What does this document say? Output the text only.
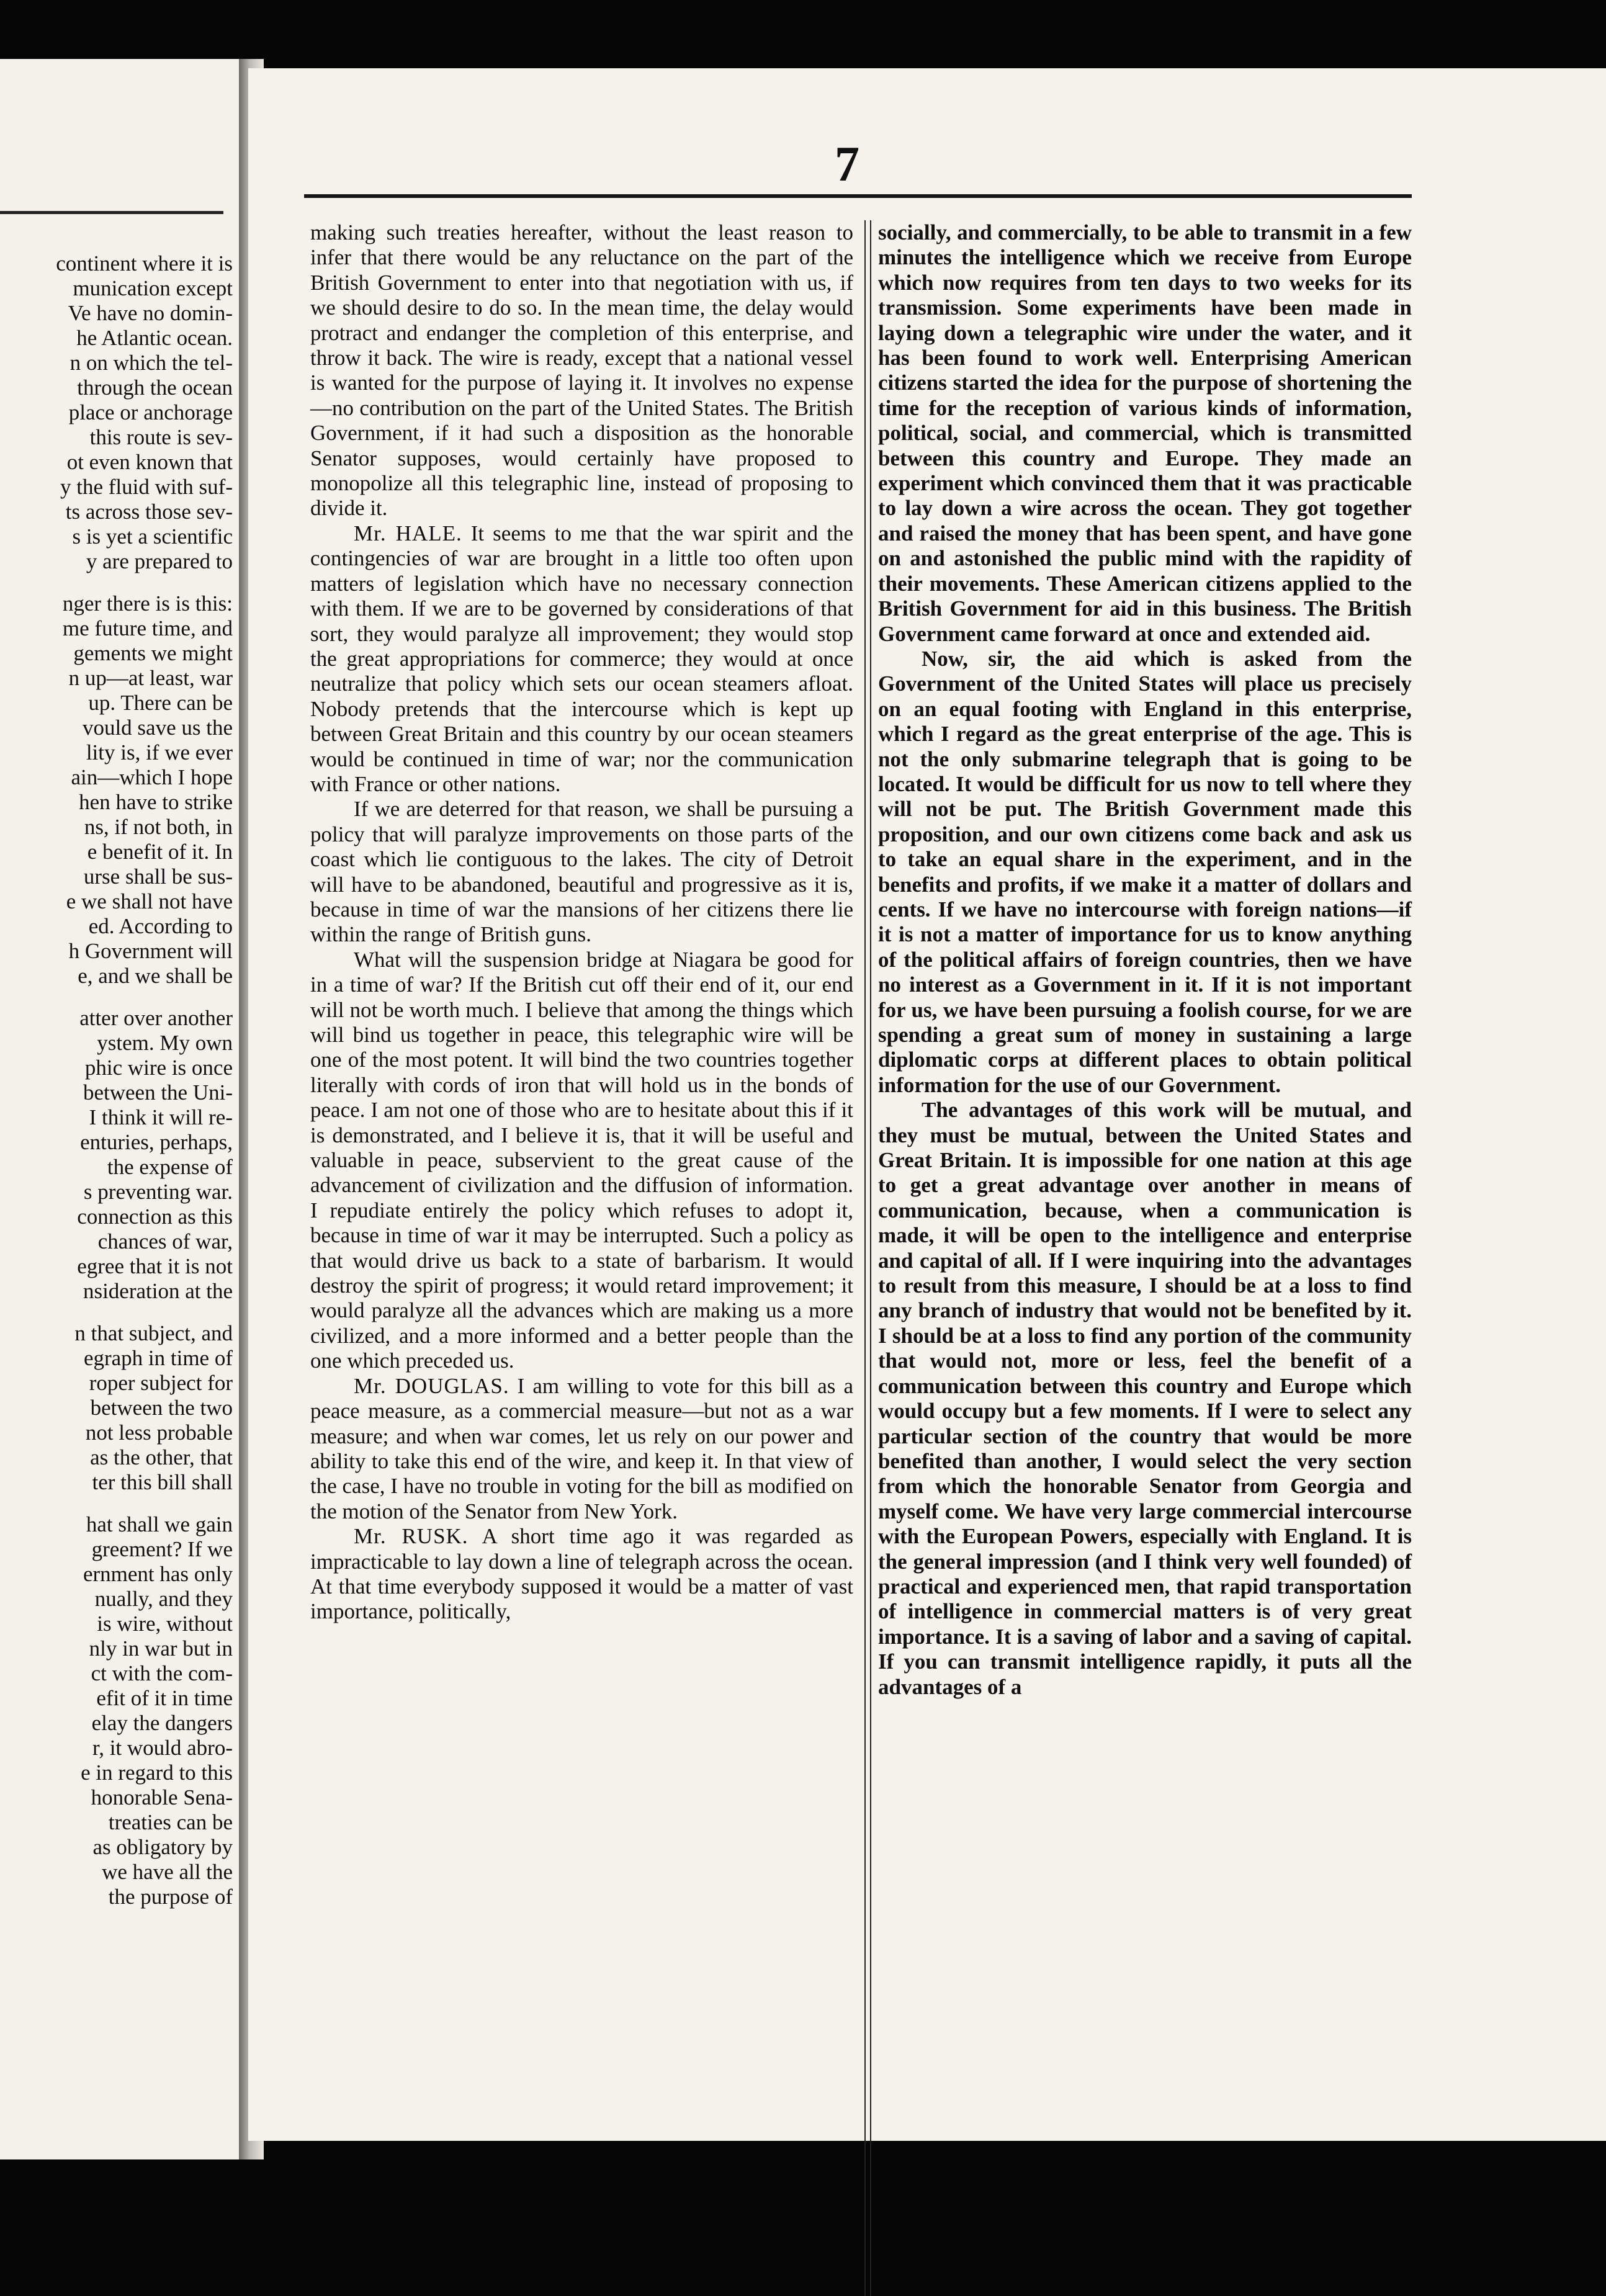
continent where it is
munication except
Ve have no domin-
he Atlantic ocean.
n on which the tel-
through the ocean
place or anchorage
this route is sev-
ot even known that
y the fluid with suf-
ts across those sev-
s is yet a scientific
y are prepared to
nger there is is this:
me future time, and
gements we might
n up—at least, war
up. There can be
vould save us the
lity is, if we ever
ain—which I hope
hen have to strike
ns, if not both, in
e benefit of it. In
urse shall be sus-
e we shall not have
ed. According to
h Government will
e, and we shall be
atter over another
ystem. My own
phic wire is once
between the Uni-
I think it will re-
enturies, perhaps,
the expense of
s preventing war.
connection as this
chances of war,
egree that it is not
nsideration at the
n that subject, and
egraph in time of
roper subject for
between the two
not less probable
as the other, that
ter this bill shall
hat shall we gain
greement? If we
ernment has only
nually, and they
is wire, without
nly in war but in
ct with the com-
efit of it in time
elay the dangers
r, it would abro-
e in regard to this
honorable Sena-
treaties can be
as obligatory by
we have all the
the purpose of
7

making such treaties hereafter, without the least reason to infer that there would be any reluctance on the part of the British Government to enter into that negotiation with us, if we should desire to do so. In the mean time, the delay would protract and endanger the completion of this enterprise, and throw it back. The wire is ready, except that a national vessel is wanted for the purpose of laying it. It involves no expense—no contribution on the part of the United States. The British Government, if it had such a disposition as the honorable Senator supposes, would certainly have proposed to monopolize all this telegraphic line, instead of proposing to divide it.

Mr. HALE. It seems to me that the war spirit and the contingencies of war are brought in a little too often upon matters of legislation which have no necessary connection with them. If we are to be governed by considerations of that sort, they would paralyze all improvement; they would stop the great appropriations for commerce; they would at once neutralize that policy which sets our ocean steamers afloat. Nobody pretends that the intercourse which is kept up between Great Britain and this country by our ocean steamers would be continued in time of war; nor the communication with France or other nations.

If we are deterred for that reason, we shall be pursuing a policy that will paralyze improvements on those parts of the coast which lie contiguous to the lakes. The city of Detroit will have to be abandoned, beautiful and progressive as it is, because in time of war the mansions of her citizens there lie within the range of British guns.

What will the suspension bridge at Niagara be good for in a time of war? If the British cut off their end of it, our end will not be worth much. I believe that among the things which will bind us together in peace, this telegraphic wire will be one of the most potent. It will bind the two countries together literally with cords of iron that will hold us in the bonds of peace. I am not one of those who are to hesitate about this if it is demonstrated, and I believe it is, that it will be useful and valuable in peace, subservient to the great cause of the advancement of civilization and the diffusion of information. I repudiate entirely the policy which refuses to adopt it, because in time of war it may be interrupted. Such a policy as that would drive us back to a state of barbarism. It would destroy the spirit of progress; it would retard improvement; it would paralyze all the advances which are making us a more civilized, and a more informed and a better people than the one which preceded us.

Mr. DOUGLAS. I am willing to vote for this bill as a peace measure, as a commercial measure—but not as a war measure; and when war comes, let us rely on our power and ability to take this end of the wire, and keep it. In that view of the case, I have no trouble in voting for the bill as modified on the motion of the Senator from New York.

Mr. RUSK. A short time ago it was regarded as impracticable to lay down a line of telegraph across the ocean. At that time everybody supposed it would be a matter of vast importance, politically,

socially, and commercially, to be able to transmit in a few minutes the intelligence which we receive from Europe which now requires from ten days to two weeks for its transmission. Some experiments have been made in laying down a telegraphic wire under the water, and it has been found to work well. Enterprising American citizens started the idea for the purpose of shortening the time for the reception of various kinds of information, political, social, and commercial, which is transmitted between this country and Europe. They made an experiment which convinced them that it was practicable to lay down a wire across the ocean. They got together and raised the money that has been spent, and have gone on and astonished the public mind with the rapidity of their movements. These American citizens applied to the British Government for aid in this business. The British Government came forward at once and extended aid.

Now, sir, the aid which is asked from the Government of the United States will place us precisely on an equal footing with England in this enterprise, which I regard as the great enterprise of the age. This is not the only submarine telegraph that is going to be located. It would be difficult for us now to tell where they will not be put. The British Government made this proposition, and our own citizens come back and ask us to take an equal share in the experiment, and in the benefits and profits, if we make it a matter of dollars and cents. If we have no intercourse with foreign nations—if it is not a matter of importance for us to know anything of the political affairs of foreign countries, then we have no interest as a Government in it. If it is not important for us, we have been pursuing a foolish course, for we are spending a great sum of money in sustaining a large diplomatic corps at different places to obtain political information for the use of our Government.

The advantages of this work will be mutual, and they must be mutual, between the United States and Great Britain. It is impossible for one nation at this age to get a great advantage over another in means of communication, because, when a communication is made, it will be open to the intelligence and enterprise and capital of all. If I were inquiring into the advantages to result from this measure, I should be at a loss to find any branch of industry that would not be benefited by it. I should be at a loss to find any portion of the community that would not, more or less, feel the benefit of a communication between this country and Europe which would occupy but a few moments. If I were to select any particular section of the country that would be more benefited than another, I would select the very section from which the honorable Senator from Georgia and myself come. We have very large commercial intercourse with the European Powers, especially with England. It is the general impression (and I think very well founded) of practical and experienced men, that rapid transportation of intelligence in commercial matters is of very great importance. It is a saving of labor and a saving of capital. If you can transmit intelligence rapidly, it puts all the advantages of a
